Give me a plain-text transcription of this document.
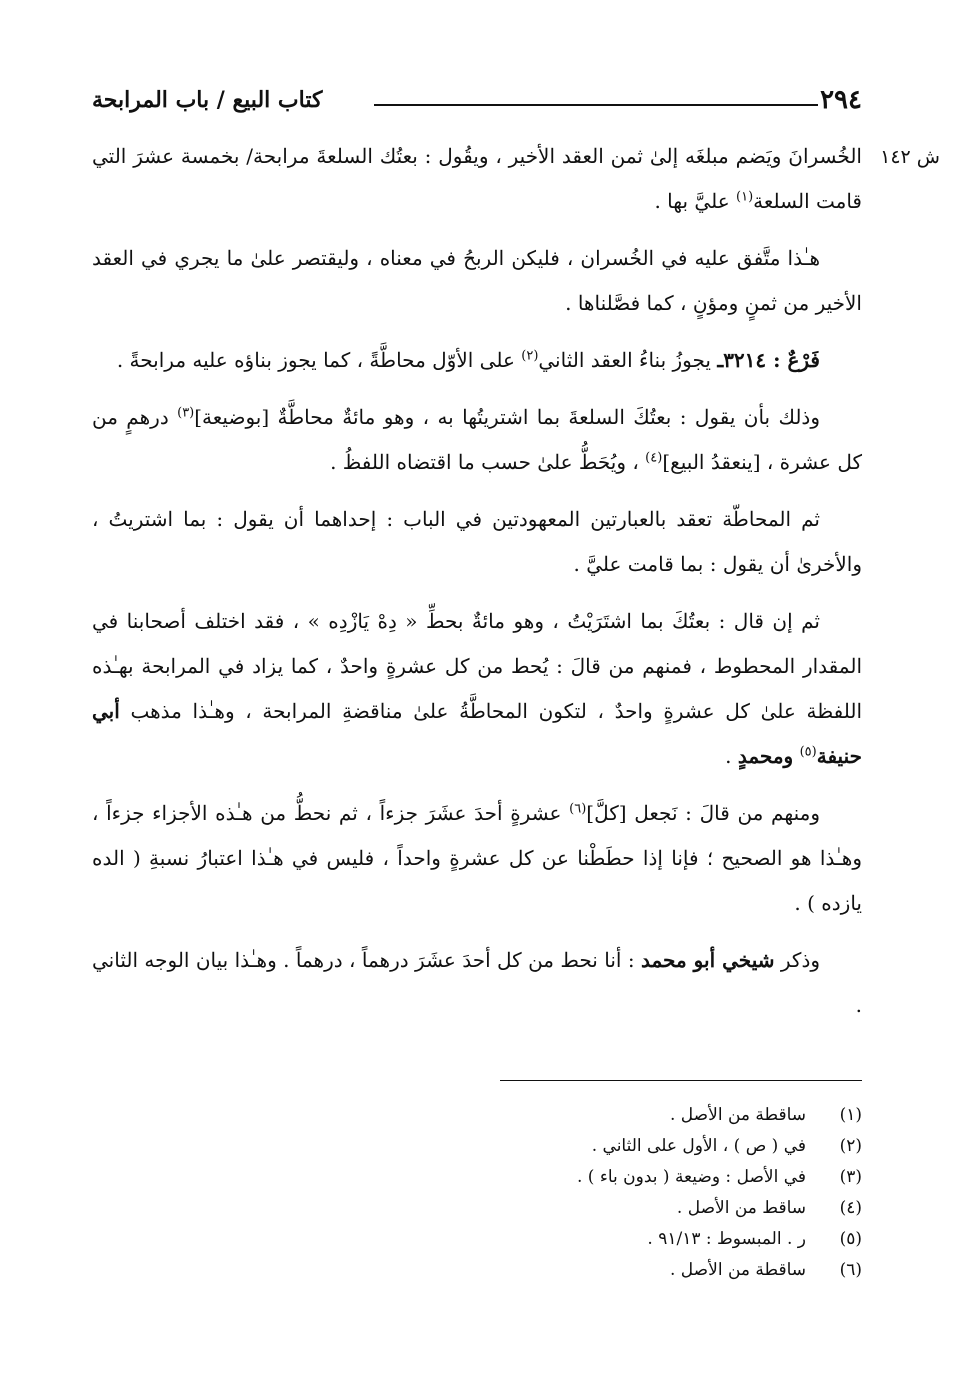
٢٩٤
كتاب البيع / باب المرابحة
ش ١٤٢

الخُسرانَ ويَضم مبلغَه إلىٰ ثمن العقد الأخير ، ويقُول : بعتُك السلعةَ مرابحة/ بخمسة عشرَ التي قامت السلعة$^{(١)}$ عليَّ بها .

هـٰذا متَّفق عليه في الخُسران ، فليكن الربحُ في معناه ، وليقتصر علىٰ ما يجري في العقد الأخير من ثمنٍ ومؤنٍ ، كما فصَّلناها .

فَرْعٌ : ٣٢١٤ـ يجوزُ بناءُ العقد الثاني$^{(٢)}$ على الأوّل محاطَّةً ، كما يجوز بناؤه عليه مرابحةً .

وذلك بأن يقول : بعتُكَ السلعةَ بما اشتريتُها به ، وهو مائةٌ محاطَّةٌ [بوضيعة]$^{(٣)}$ درهمٍ من كل عشرة ، [ينعقدُ البيع]$^{(٤)}$ ، ويُحَطُّ علىٰ حسب ما اقتضاه اللفظُ .

ثم المحاطّة تعقد بالعبارتين المعهودتين في الباب : إحداهما أن يقول : بما اشتريتُ ، والأخرىٰ أن يقول : بما قامت عليَّ .

ثم إن قال : بعتُكَ بما اشتَرَيْتُ ، وهو مائةٌ بحطِّ « دِهْ يَازْدِه » ، فقد اختلف أصحابنا في المقدار المحطوط ، فمنهم من قالَ : يُحط من كل عشرةٍ واحدٌ ، كما يزاد في المرابحة بهـٰذه اللفظة علىٰ كل عشرةٍ واحدٌ ، لتكون المحاطَّةُ علىٰ مناقضةِ المرابحة ، وهـٰذا مذهب أبي حنيفة$^{(٥)}$ ومحمدٍ .

ومنهم من قالَ : نَجعل [كلَّ]$^{(٦)}$ عشرةٍ أحدَ عشَرَ جزءاً ، ثم نحطُّ من هـٰذه الأجزاء جزءاً ، وهـٰذا هو الصحيح ؛ فإنا إذا حطَطْنا عن كل عشرةٍ واحداً ، فليس في هـٰذا اعتبارُ نسبةِ ( الده يازده ) .

وذكر شيخي أبو محمد : أنا نحط من كل أحدَ عشَرَ درهماً ، درهماً . وهـٰذا بيان الوجه الثاني .

(١)
ساقطة من الأصل .
(٢)
في ( ص ) ، الأول على الثاني .
(٣)
في الأصل : وضيعة ( بدون باء ) .
(٤)
ساقط من الأصل .
(٥)
ر . المبسوط : ٩١/١٣ .
(٦)
ساقطة من الأصل .
